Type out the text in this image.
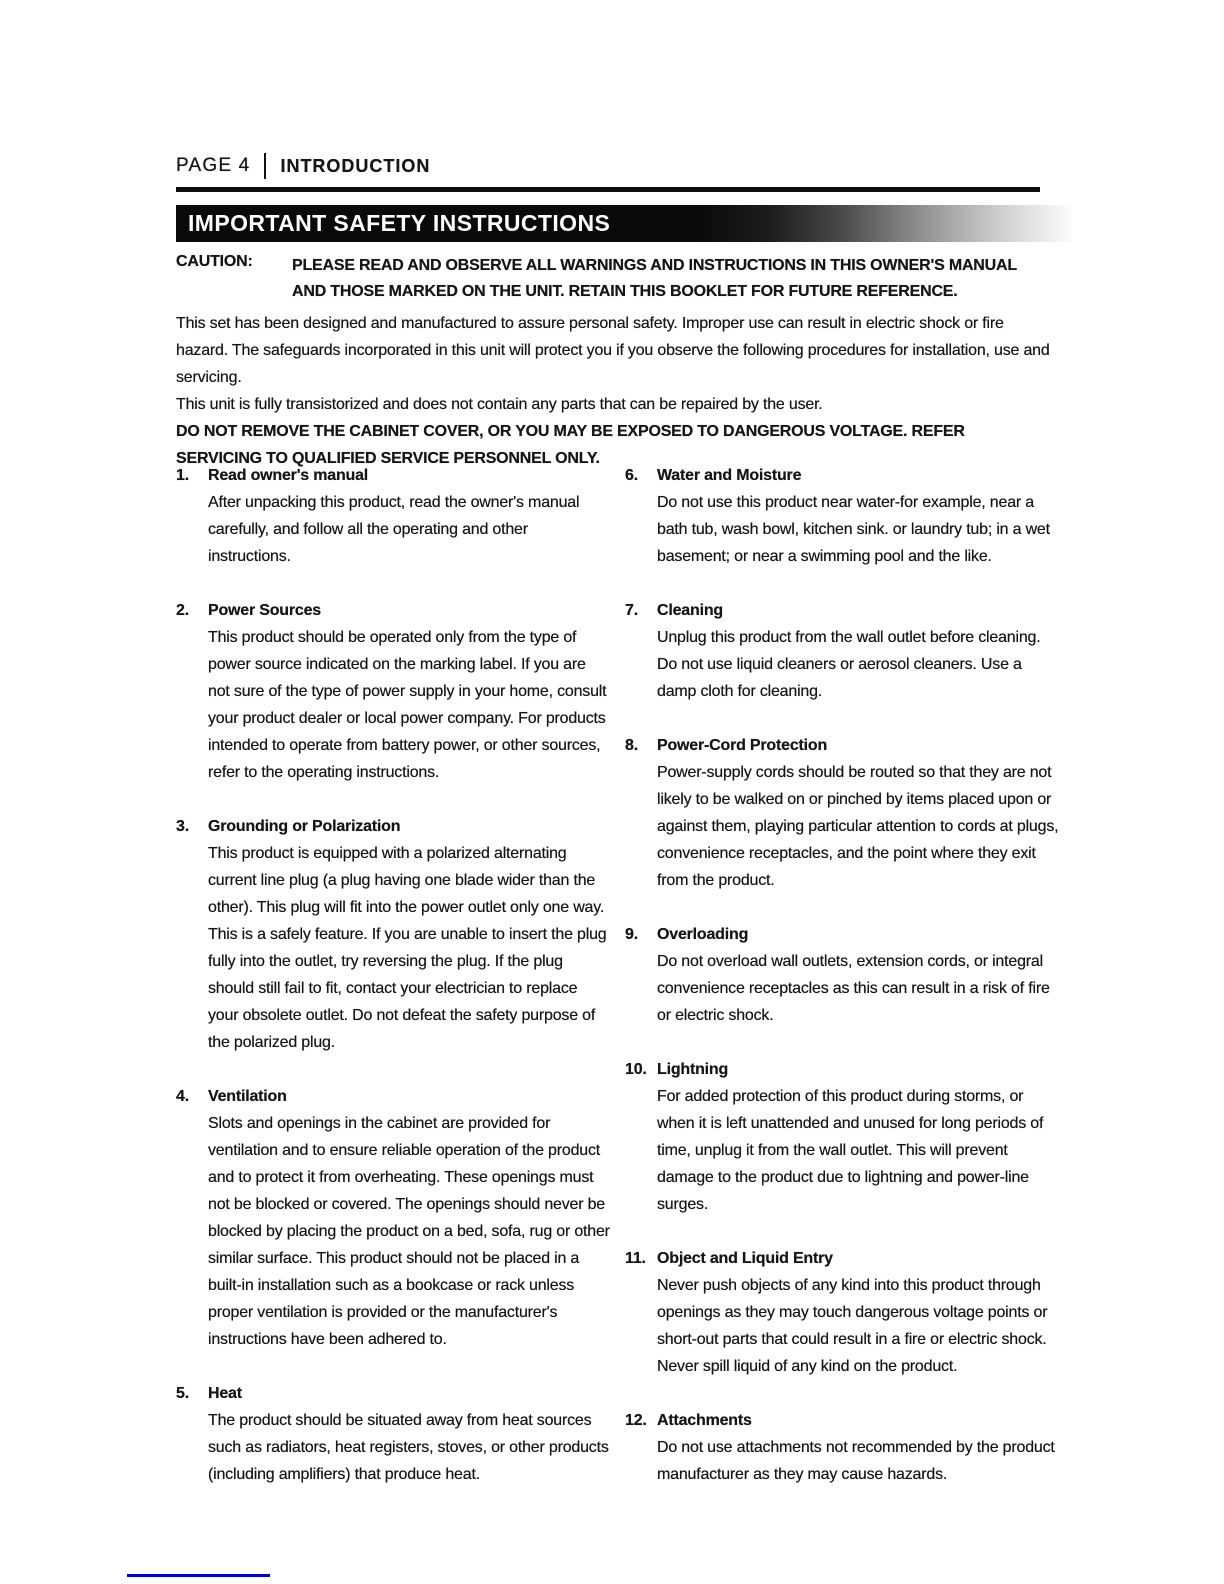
PAGE 4 INTRODUCTION
IMPORTANT SAFETY INSTRUCTIONS
CAUTION:	PLEASE READ AND OBSERVE ALL WARNINGS AND INSTRUCTIONS IN THIS OWNER'S MANUAL
AND THOSE MARKED ON THE UNIT. RETAIN THIS BOOKLET FOR FUTURE REFERENCE.

This set has been designed and manufactured to assure personal safety. Improper use can result in electric shock or fire hazard. The safeguards incorporated in this unit will protect you if you observe the following procedures for installation, use and servicing.

This unit is fully transistorized and does not contain any parts that can be repaired by the user.

DO NOT REMOVE THE CABINET COVER, OR YOU MAY BE EXPOSED TO DANGEROUS VOLTAGE. REFER SERVICING TO QUALIFIED SERVICE PERSONNEL ONLY.

1.	Read owner's manual
After unpacking this product, read the owner's manual carefully, and follow all the operating and other instructions.
2.	Power Sources
This product should be operated only from the type of power source indicated on the marking label. If you are not sure of the type of power supply in your home, consult your product dealer or local power company. For products intended to operate from battery power, or other sources, refer to the operating instructions.
3.	Grounding or Polarization
This product is equipped with a polarized alternating current line plug (a plug having one blade wider than the other). This plug will fit into the power outlet only one way. This is a safely feature. If you are unable to insert the plug fully into the outlet, try reversing the plug. If the plug should still fail to fit, contact your electrician to replace your obsolete outlet. Do not defeat the safety purpose of the polarized plug.
4.	Ventilation
Slots and openings in the cabinet are provided for ventilation and to ensure reliable operation of the product and to protect it from overheating. These openings must not be blocked or covered. The openings should never be blocked by placing the product on a bed, sofa, rug or other similar surface. This product should not be placed in a built-in installation such as a bookcase or rack unless proper ventilation is provided or the manufacturer's instructions have been adhered to.
5.	Heat
The product should be situated away from heat sources such as radiators, heat registers, stoves, or other products (including amplifiers) that produce heat.
6.	Water and Moisture
Do not use this product near water-for example, near a bath tub, wash bowl, kitchen sink. or laundry tub; in a wet basement; or near a swimming pool and the like.
7.	Cleaning
Unplug this product from the wall outlet before cleaning. Do not use liquid cleaners or aerosol cleaners. Use a damp cloth for cleaning.
8.	Power-Cord Protection
Power-supply cords should be routed so that they are not likely to be walked on or pinched by items placed upon or against them, playing particular attention to cords at plugs, convenience receptacles, and the point where they exit from the product.
9.	Overloading
Do not overload wall outlets, extension cords, or integral convenience receptacles as this can result in a risk of fire or electric shock.
10. Lightning
For added protection of this product during storms, or when it is left unattended and unused for long periods of time, unplug it from the wall outlet. This will prevent damage to the product due to lightning and power-line surges.
11. Object and Liquid Entry
Never push objects of any kind into this product through openings as they may touch dangerous voltage points or short-out parts that could result in a fire or electric shock. Never spill liquid of any kind on the product.
12. Attachments
Do not use attachments not recommended by the product manufacturer as they may cause hazards.
